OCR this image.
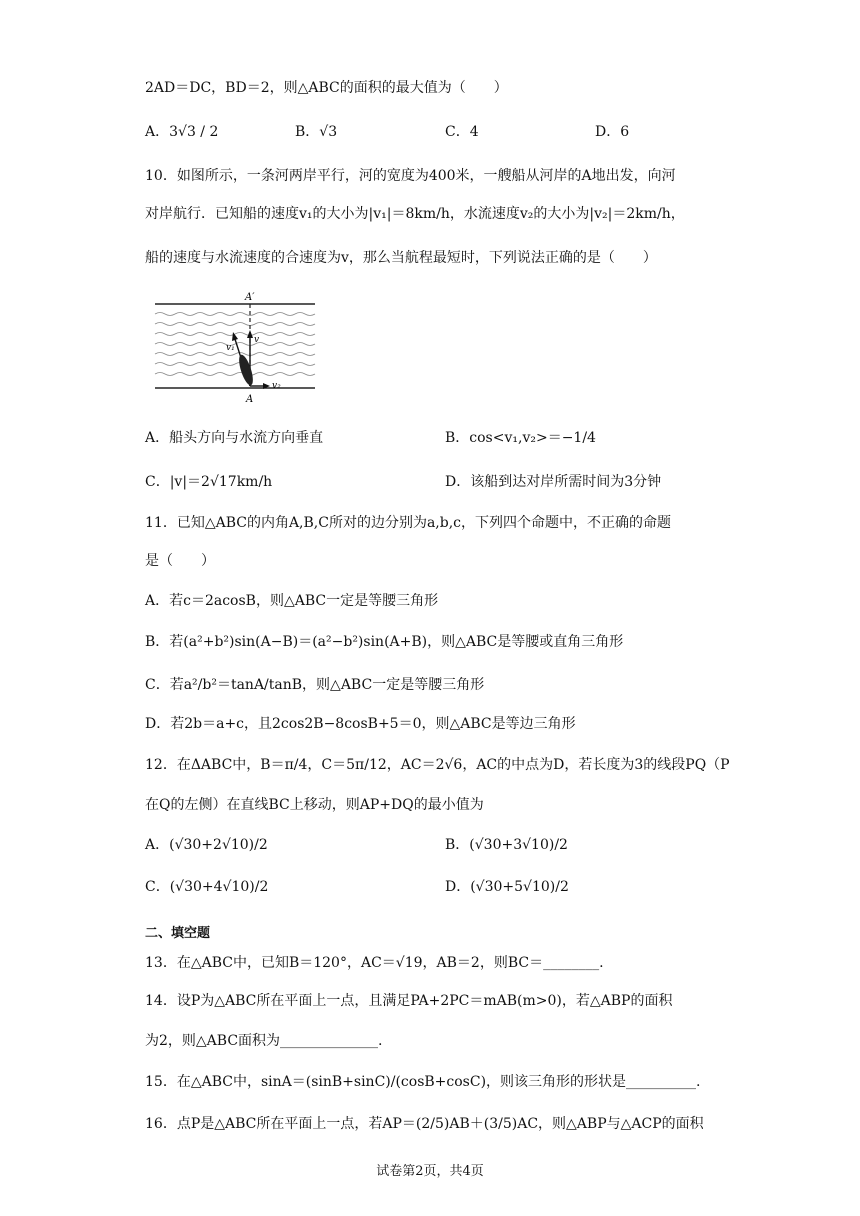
2AD＝DC，BD＝2，则△ABC的面积的最大值为（　　）
A．3√3 / 2	B．√3	C．4	D．6
10．如图所示，一条河两岸平行，河的宽度为400米，一艘船从河岸的A地出发，向河
对岸航行．已知船的速度v₁的大小为|v₁|＝8km/h，水流速度v₂的大小为|v₂|＝2km/h，
船的速度与水流速度的合速度为v，那么当航程最短时，下列说法正确的是（　　）
A′
A
v
v₁
v₂
A．船头方向与水流方向垂直	B．cos<v₁,v₂>＝−1/4
C．|v|＝2√17km/h	D．该船到达对岸所需时间为3分钟
11．已知△ABC的内角A,B,C所对的边分别为a,b,c，下列四个命题中，不正确的命题
是（　　）
A．若c＝2acosB，则△ABC一定是等腰三角形
B．若(a²+b²)sin(A−B)＝(a²−b²)sin(A+B)，则△ABC是等腰或直角三角形
C．若a²/b²＝tanA/tanB，则△ABC一定是等腰三角形
D．若2b＝a+c，且2cos2B−8cosB+5＝0，则△ABC是等边三角形
12．在ΔABC中，B＝π/4，C＝5π/12，AC＝2√6，AC的中点为D，若长度为3的线段PQ（P
在Q的左侧）在直线BC上移动，则AP+DQ的最小值为
A．(√30+2√10)/2	B．(√30+3√10)/2
C．(√30+4√10)/2	D．(√30+5√10)/2
二、填空题
13．在△ABC中，已知B＝120°，AC＝√19，AB＝2，则BC＝________.
14．设P为△ABC所在平面上一点，且满足PA+2PC＝mAB(m>0)，若△ABP的面积
为2，则△ABC面积为______________.
15．在△ABC中，sinA＝(sinB+sinC)/(cosB+cosC)，则该三角形的形状是__________.
16．点P是△ABC所在平面上一点，若AP＝(2/5)AB＋(3/5)AC，则△ABP与△ACP的面积
试卷第2页，共4页
